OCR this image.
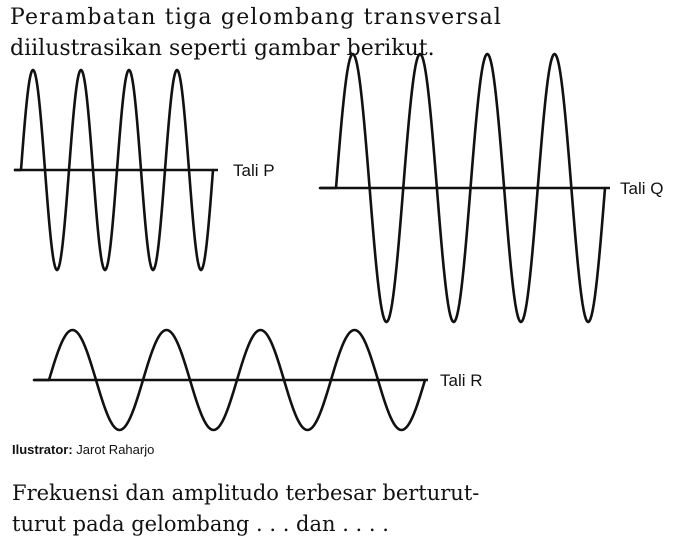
Perambatan tiga gelombang transversal
diilustrasikan seperti gambar berikut.

Tali P
Tali Q
Tali R
Ilustrator: Jarot Raharjo

Frekuensi dan amplitudo terbesar berturut-
turut pada gelombang . . . dan . . . .
